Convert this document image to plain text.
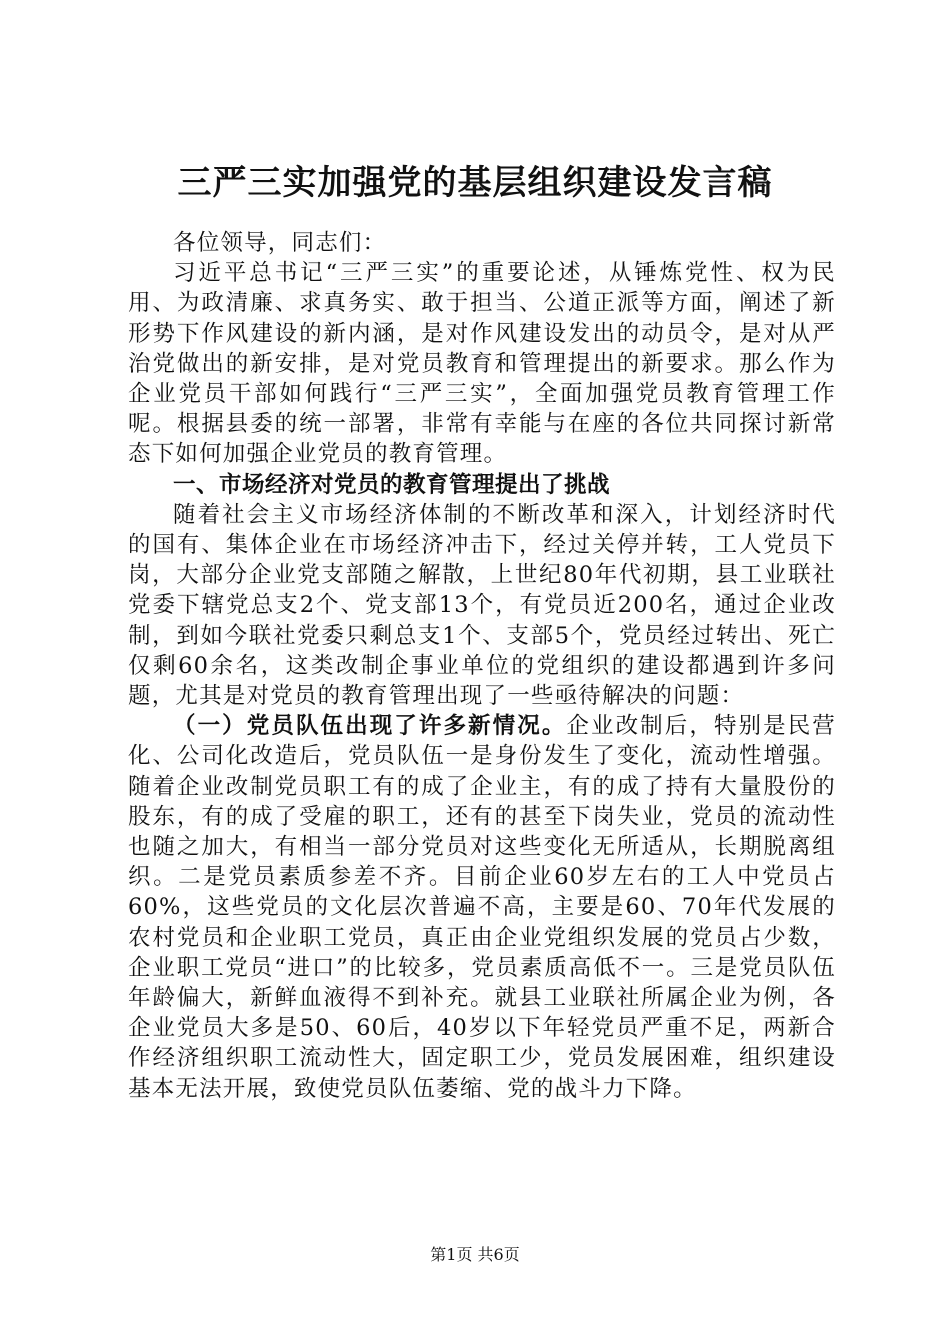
三严三实加强党的基层组织建设发言稿

各位领导，同志们：

习近平总书记“三严三实”的重要论述，从锤炼党性、权为民用、为政清廉、求真务实、敢于担当、公道正派等方面，阐述了新形势下作风建设的新内涵，是对作风建设发出的动员令，是对从严治党做出的新安排，是对党员教育和管理提出的新要求。那么作为企业党员干部如何践行“三严三实”，全面加强党员教育管理工作呢。根据县委的统一部署，非常有幸能与在座的各位共同探讨新常态下如何加强企业党员的教育管理。

一、市场经济对党员的教育管理提出了挑战

随着社会主义市场经济体制的不断改革和深入，计划经济时代的国有、集体企业在市场经济冲击下，经过关停并转，工人党员下岗，大部分企业党支部随之解散，上世纪80年代初期，县工业联社党委下辖党总支2个、党支部13个，有党员近200名，通过企业改制，到如今联社党委只剩总支1个、支部5个，党员经过转出、死亡仅剩60余名，这类改制企事业单位的党组织的建设都遇到许多问题，尤其是对党员的教育管理出现了一些亟待解决的问题：

（一）党员队伍出现了许多新情况。企业改制后，特别是民营化、公司化改造后，党员队伍一是身份发生了变化，流动性增强。随着企业改制党员职工有的成了企业主，有的成了持有大量股份的股东，有的成了受雇的职工，还有的甚至下岗失业，党员的流动性也随之加大，有相当一部分党员对这些变化无所适从，长期脱离组织。二是党员素质参差不齐。目前企业60岁左右的工人中党员占60%，这些党员的文化层次普遍不高，主要是60、70年代发展的农村党员和企业职工党员，真正由企业党组织发展的党员占少数，企业职工党员“进口”的比较多，党员素质高低不一。三是党员队伍年龄偏大，新鲜血液得不到补充。就县工业联社所属企业为例，各企业党员大多是50、60后，40岁以下年轻党员严重不足，两新合作经济组织职工流动性大，固定职工少，党员发展困难，组织建设基本无法开展，致使党员队伍萎缩、党的战斗力下降。

第1页 共6页
